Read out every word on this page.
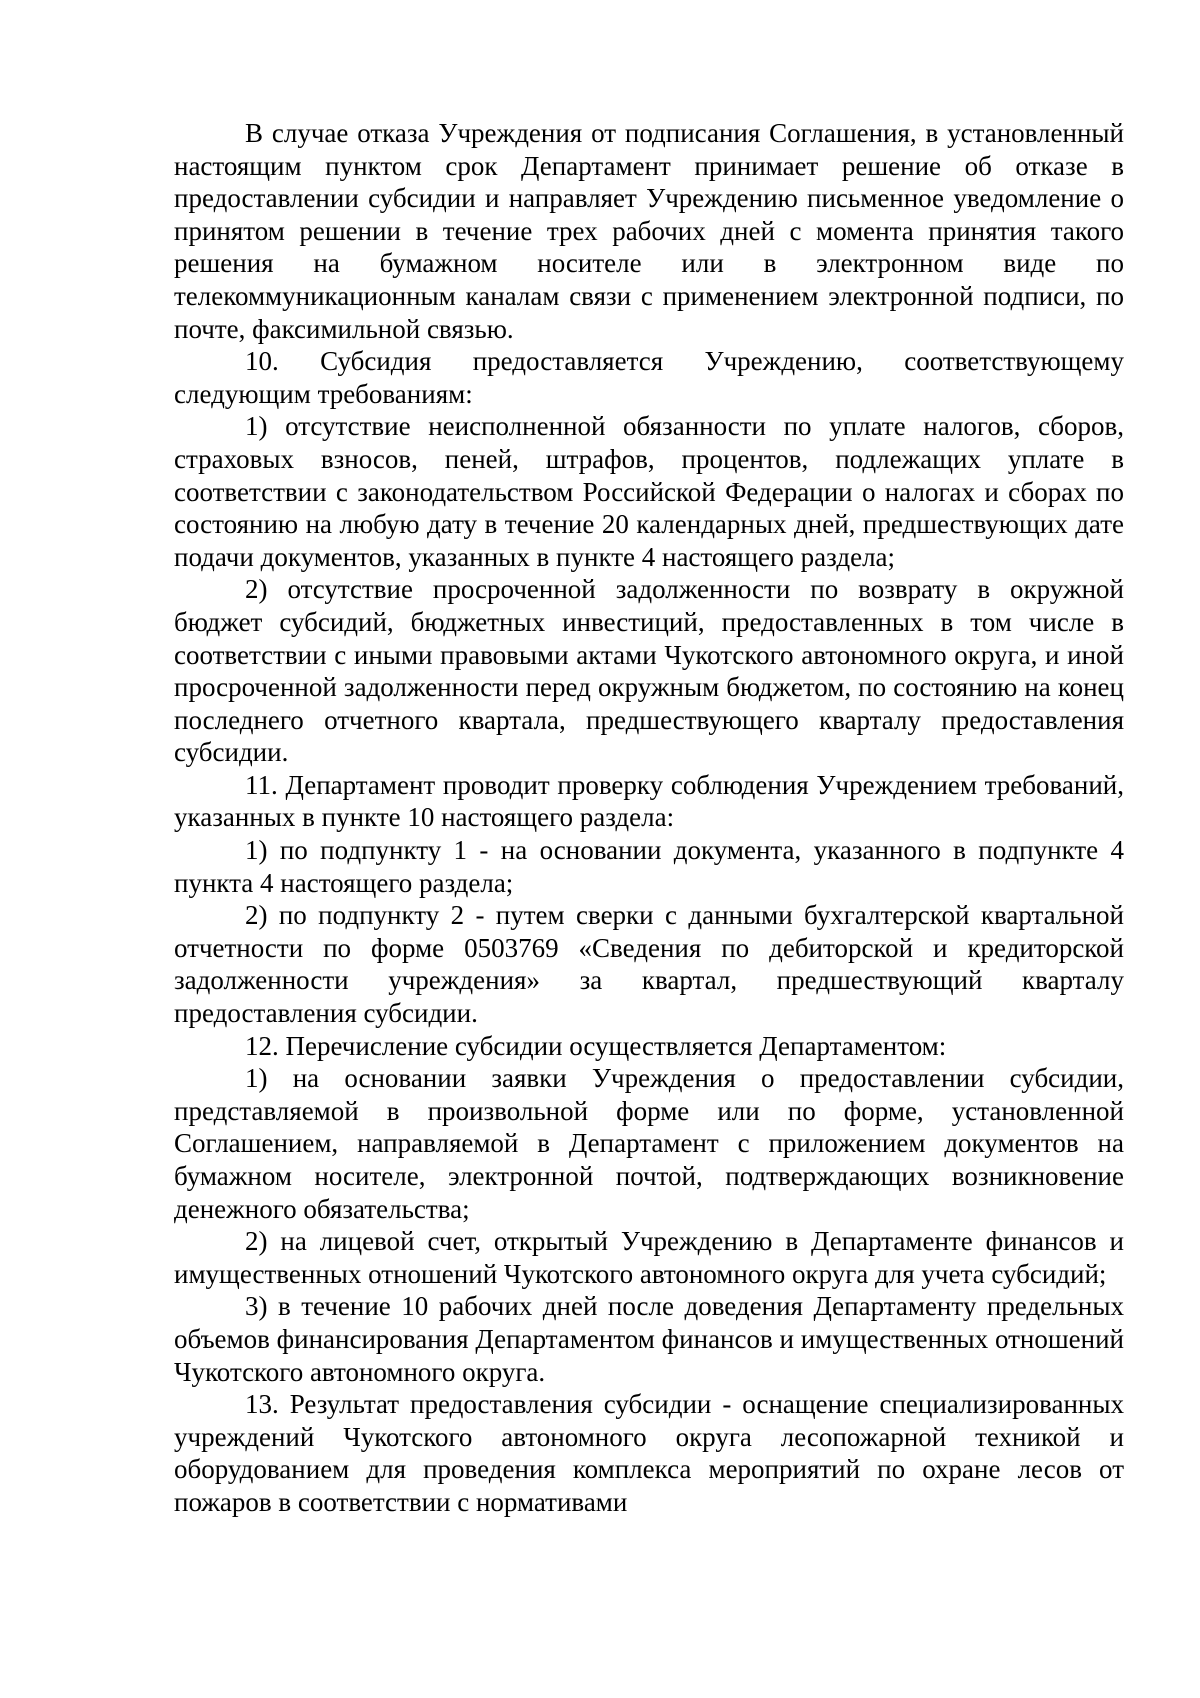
В случае отказа Учреждения от подписания Соглашения, в установленный настоящим пунктом срок Департамент принимает решение об отказе в предоставлении субсидии и направляет Учреждению письменное уведомление о принятом решении в течение трех рабочих дней с момента принятия такого решения на бумажном носителе или в электронном виде по телекоммуникационным каналам связи с применением электронной подписи, по почте, факсимильной связью.

10. Субсидия предоставляется Учреждению, соответствующему следующим требованиям:

1) отсутствие неисполненной обязанности по уплате налогов, сборов, страховых взносов, пеней, штрафов, процентов, подлежащих уплате в соответствии с законодательством Российской Федерации о налогах и сборах по состоянию на любую дату в течение 20 календарных дней, предшествующих дате подачи документов, указанных в пункте 4 настоящего раздела;

2) отсутствие просроченной задолженности по возврату в окружной бюджет субсидий, бюджетных инвестиций, предоставленных в том числе в соответствии с иными правовыми актами Чукотского автономного округа, и иной просроченной задолженности перед окружным бюджетом, по состоянию на конец последнего отчетного квартала, предшествующего кварталу предоставления субсидии.

11. Департамент проводит проверку соблюдения Учреждением требований, указанных в пункте 10 настоящего раздела:

1) по подпункту 1 - на основании документа, указанного в подпункте 4 пункта 4 настоящего раздела;

2) по подпункту 2 - путем сверки с данными бухгалтерской квартальной отчетности по форме 0503769 «Сведения по дебиторской и кредиторской задолженности учреждения» за квартал, предшествующий кварталу предоставления субсидии.

12. Перечисление субсидии осуществляется Департаментом:

1) на основании заявки Учреждения о предоставлении субсидии, представляемой в произвольной форме или по форме, установленной Соглашением, направляемой в Департамент с приложением документов на бумажном носителе, электронной почтой, подтверждающих возникновение денежного обязательства;

2) на лицевой счет, открытый Учреждению в Департаменте финансов и имущественных отношений Чукотского автономного округа для учета субсидий;

3) в течение 10 рабочих дней после доведения Департаменту предельных объемов финансирования Департаментом финансов и имущественных отношений Чукотского автономного округа.

13. Результат предоставления субсидии - оснащение специализированных учреждений Чукотского автономного округа лесопожарной техникой и оборудованием для проведения комплекса мероприятий по охране лесов от пожаров в соответствии с нормативами
